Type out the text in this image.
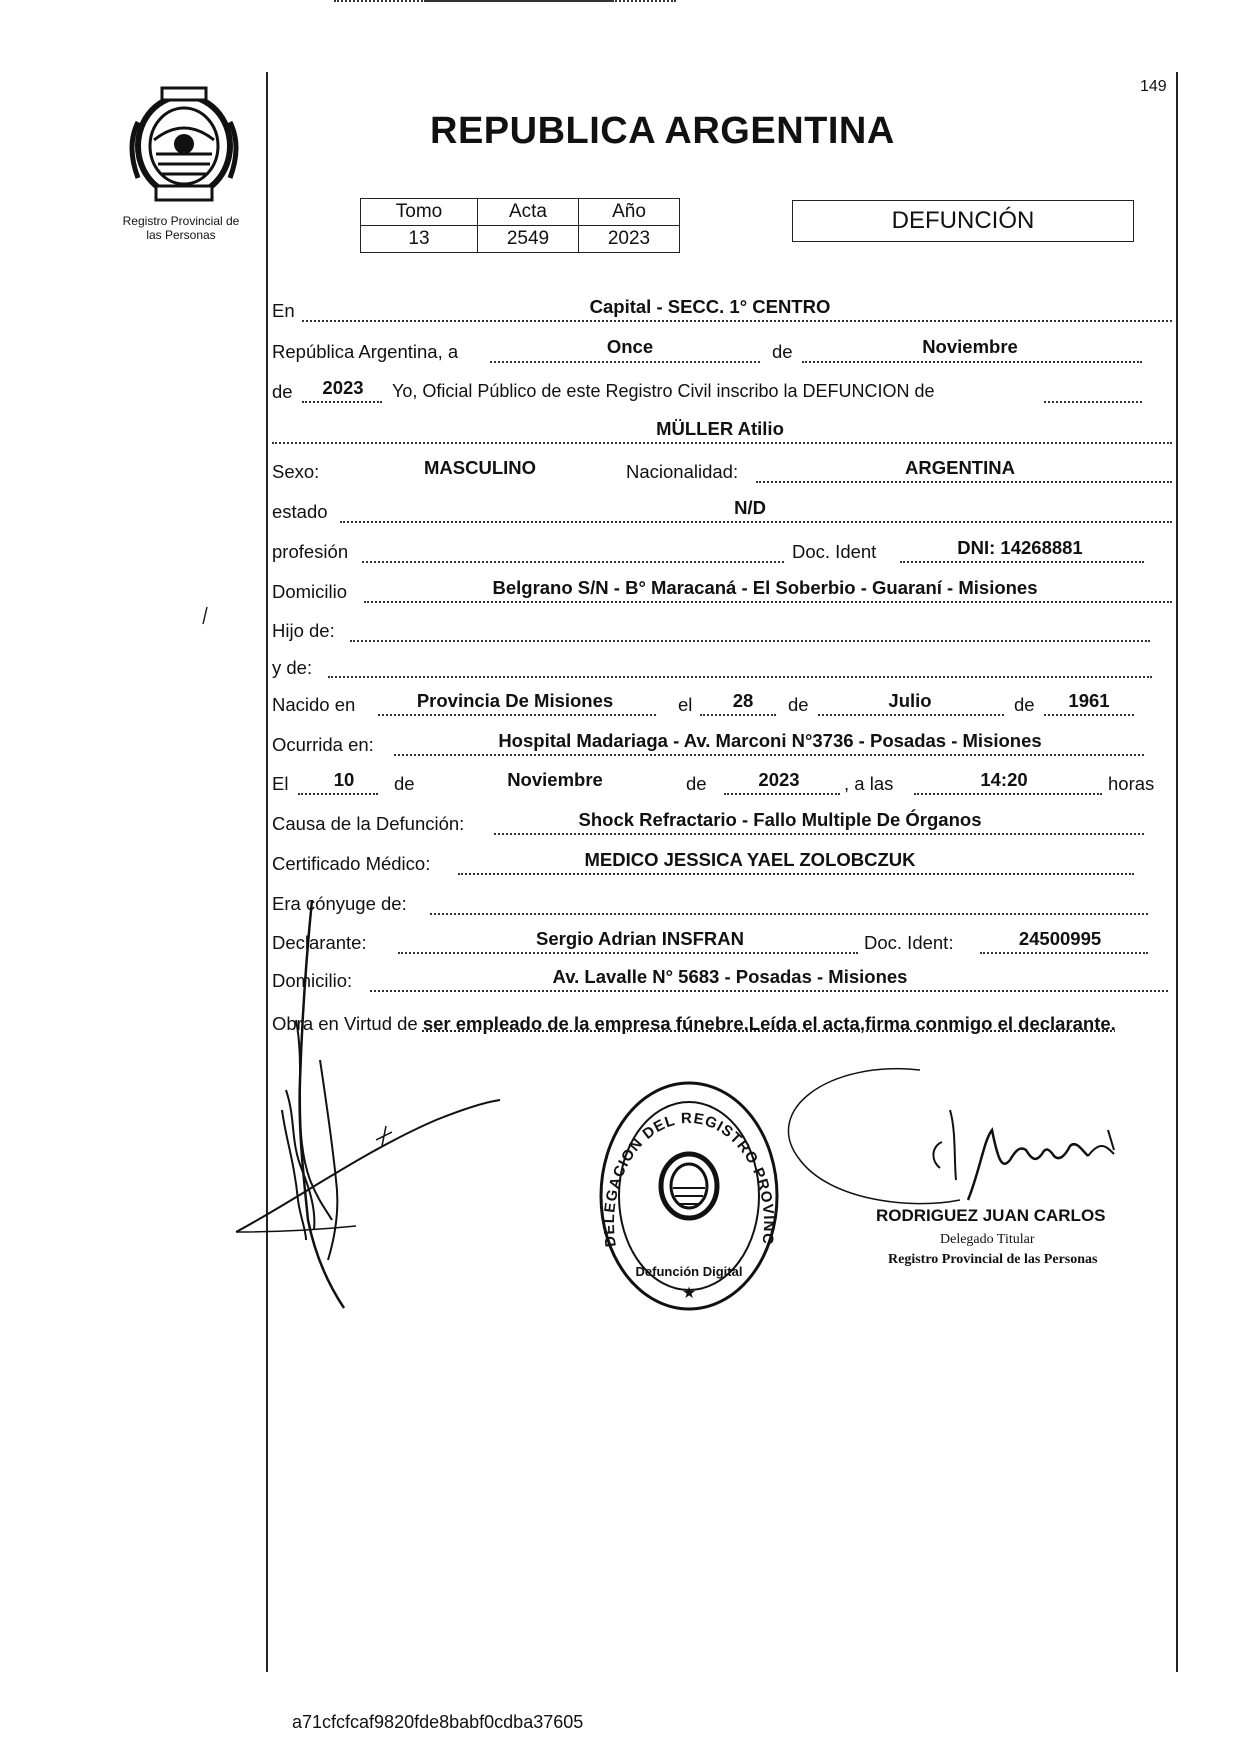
Registro Provincial de
las Personas
149
REPUBLICA ARGENTINA
Tomo	Acta	Año
13	2549	2023
DEFUNCIÓN
En	Capital - SECC. 1° CENTRO
República Argentina, a	Once	de	Noviembre
de	2023	Yo, Oficial Público de este Registro Civil inscribo la DEFUNCION de
MÜLLER Atilio
Sexo:	MASCULINO	Nacionalidad:	ARGENTINA
estado	N/D
profesión	Doc. Ident	DNI: 14268881
Domicilio	Belgrano S/N - B° Maracaná - El Soberbio - Guaraní - Misiones
Hijo de:
y de:
Nacido en	Provincia De Misiones	el	28	de	Julio	de	1961
Ocurrida en:	Hospital Madariaga - Av. Marconi N°3736 - Posadas - Misiones
El	10	de	Noviembre	de	2023	, a las	14:20	horas
Causa de la Defunción:	Shock Refractario - Fallo Multiple De Órganos
Certificado Médico:	MEDICO JESSICA YAEL ZOLOBCZUK
Era cónyuge de:
Declarante:	Sergio Adrian INSFRAN	Doc. Ident:	24500995
Domicilio:	Av. Lavalle N° 5683 - Posadas - Misiones
Obra en Virtud de ser empleado de la empresa fúnebre.Leída el acta,firma conmigo el declarante.
DELEGACION DEL REGISTRO PROVINCIAL DE LAS PERSONAS
Defunción Digital
★
RODRIGUEZ JUAN CARLOS
Delegado Titular
Registro Provincial de las Personas
a71cfcfcaf9820fde8babf0cdba37605
